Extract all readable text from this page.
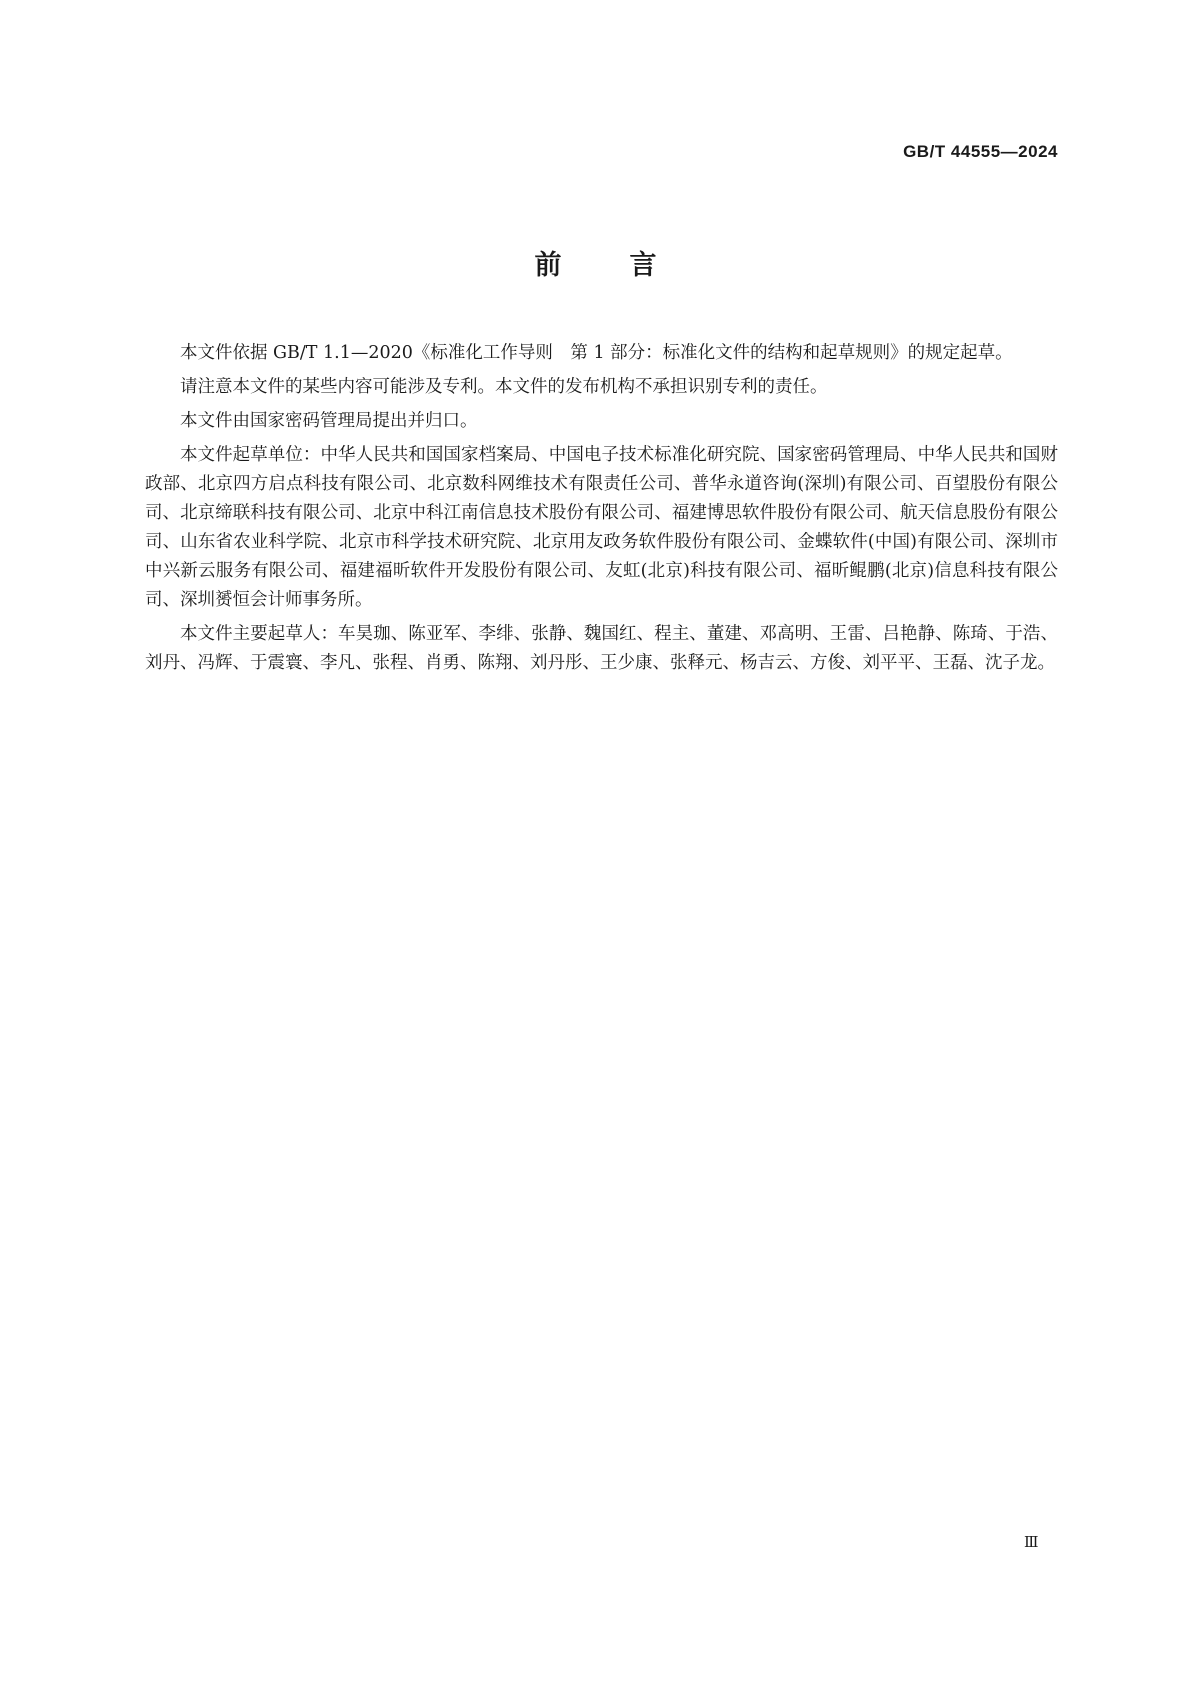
GB/T 44555—2024
前言

本文件依据 GB/T 1.1—2020《标准化工作导则　第 1 部分：标准化文件的结构和起草规则》的规定起草。

请注意本文件的某些内容可能涉及专利。本文件的发布机构不承担识别专利的责任。

本文件由国家密码管理局提出并归口。

本文件起草单位：中华人民共和国国家档案局、中国电子技术标准化研究院、国家密码管理局、中华人民共和国财政部、北京四方启点科技有限公司、北京数科网维技术有限责任公司、普华永道咨询(深圳)有限公司、百望股份有限公司、北京缔联科技有限公司、北京中科江南信息技术股份有限公司、福建博思软件股份有限公司、航天信息股份有限公司、山东省农业科学院、北京市科学技术研究院、北京用友政务软件股份有限公司、金蝶软件(中国)有限公司、深圳市中兴新云服务有限公司、福建福昕软件开发股份有限公司、友虹(北京)科技有限公司、福昕鲲鹏(北京)信息科技有限公司、深圳赟恒会计师事务所。

本文件主要起草人：车昊珈、陈亚军、李绯、张静、魏国红、程主、董建、邓高明、王雷、吕艳静、陈琦、于浩、刘丹、冯辉、于震寰、李凡、张程、肖勇、陈翔、刘丹彤、王少康、张释元、杨吉云、方俊、刘平平、王磊、沈子龙。

Ⅲ
